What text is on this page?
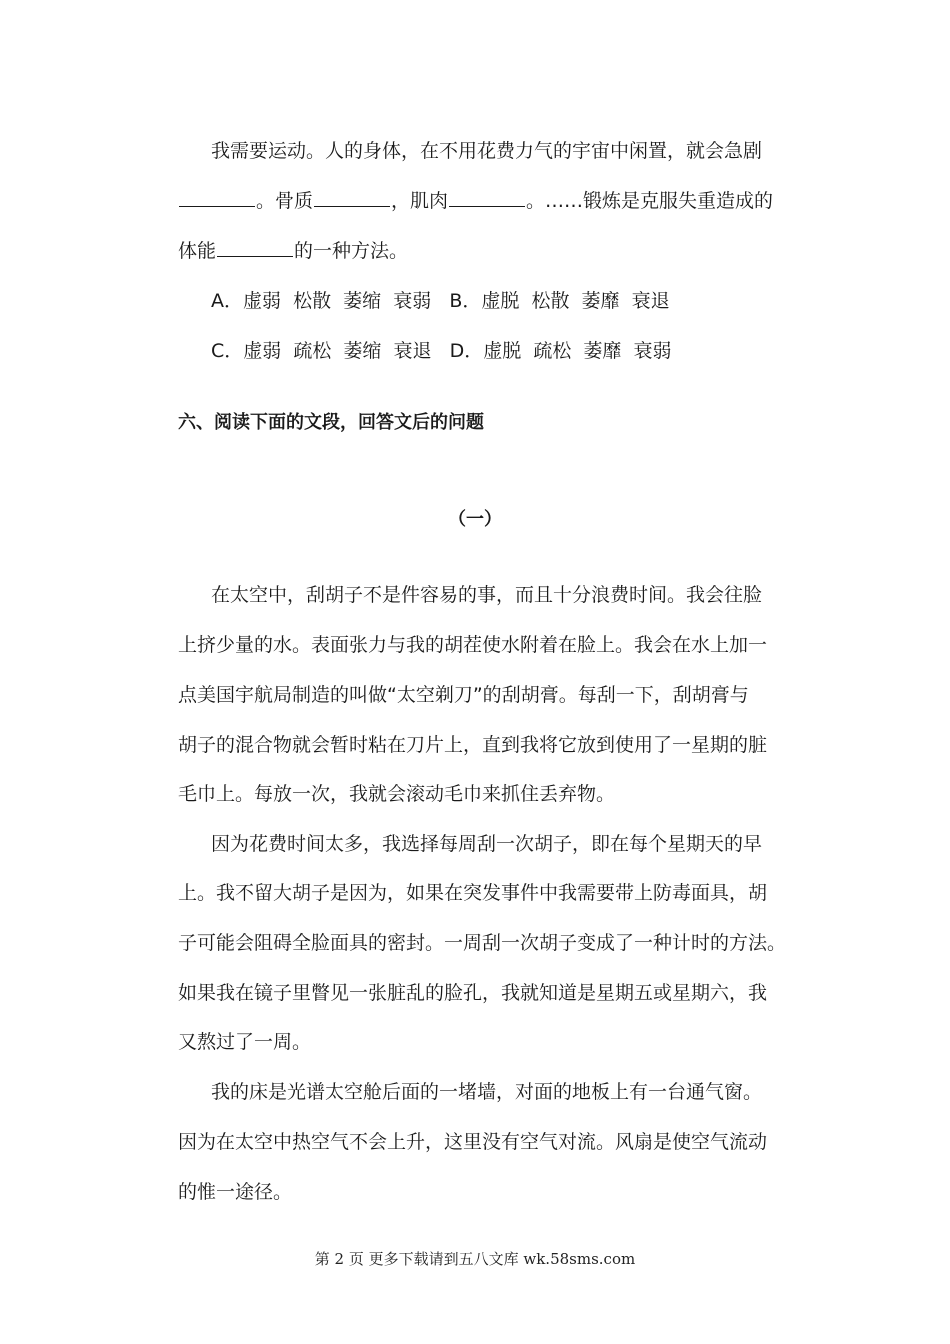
我需要运动。人的身体，在不用花费力气的宇宙中闲置，就会急剧
。骨质	，肌肉	。……锻炼是克服失重造成的
体能	的一种方法。
A．虚弱  松散  萎缩  衰弱   B．虚脱  松散  萎靡  衰退
C．虚弱  疏松  萎缩  衰退   D．虚脱  疏松  萎靡  衰弱
六、阅读下面的文段，回答文后的问题
（一）
在太空中，刮胡子不是件容易的事，而且十分浪费时间。我会往脸
上挤少量的水。表面张力与我的胡茬使水附着在脸上。我会在水上加一
点美国宇航局制造的叫做“太空剃刀”的刮胡膏。每刮一下，刮胡膏与
胡子的混合物就会暂时粘在刀片上，直到我将它放到使用了一星期的脏
毛巾上。每放一次，我就会滚动毛巾来抓住丢弃物。
因为花费时间太多，我选择每周刮一次胡子，即在每个星期天的早
上。我不留大胡子是因为，如果在突发事件中我需要带上防毒面具，胡
子可能会阻碍全脸面具的密封。一周刮一次胡子变成了一种计时的方法。
如果我在镜子里瞥见一张脏乱的脸孔，我就知道是星期五或星期六，我
又熬过了一周。
我的床是光谱太空舱后面的一堵墙，对面的地板上有一台通气窗。
因为在太空中热空气不会上升，这里没有空气对流。风扇是使空气流动
的惟一途径。
第 2 页 更多下载请到五八文库 wk.58sms.com
